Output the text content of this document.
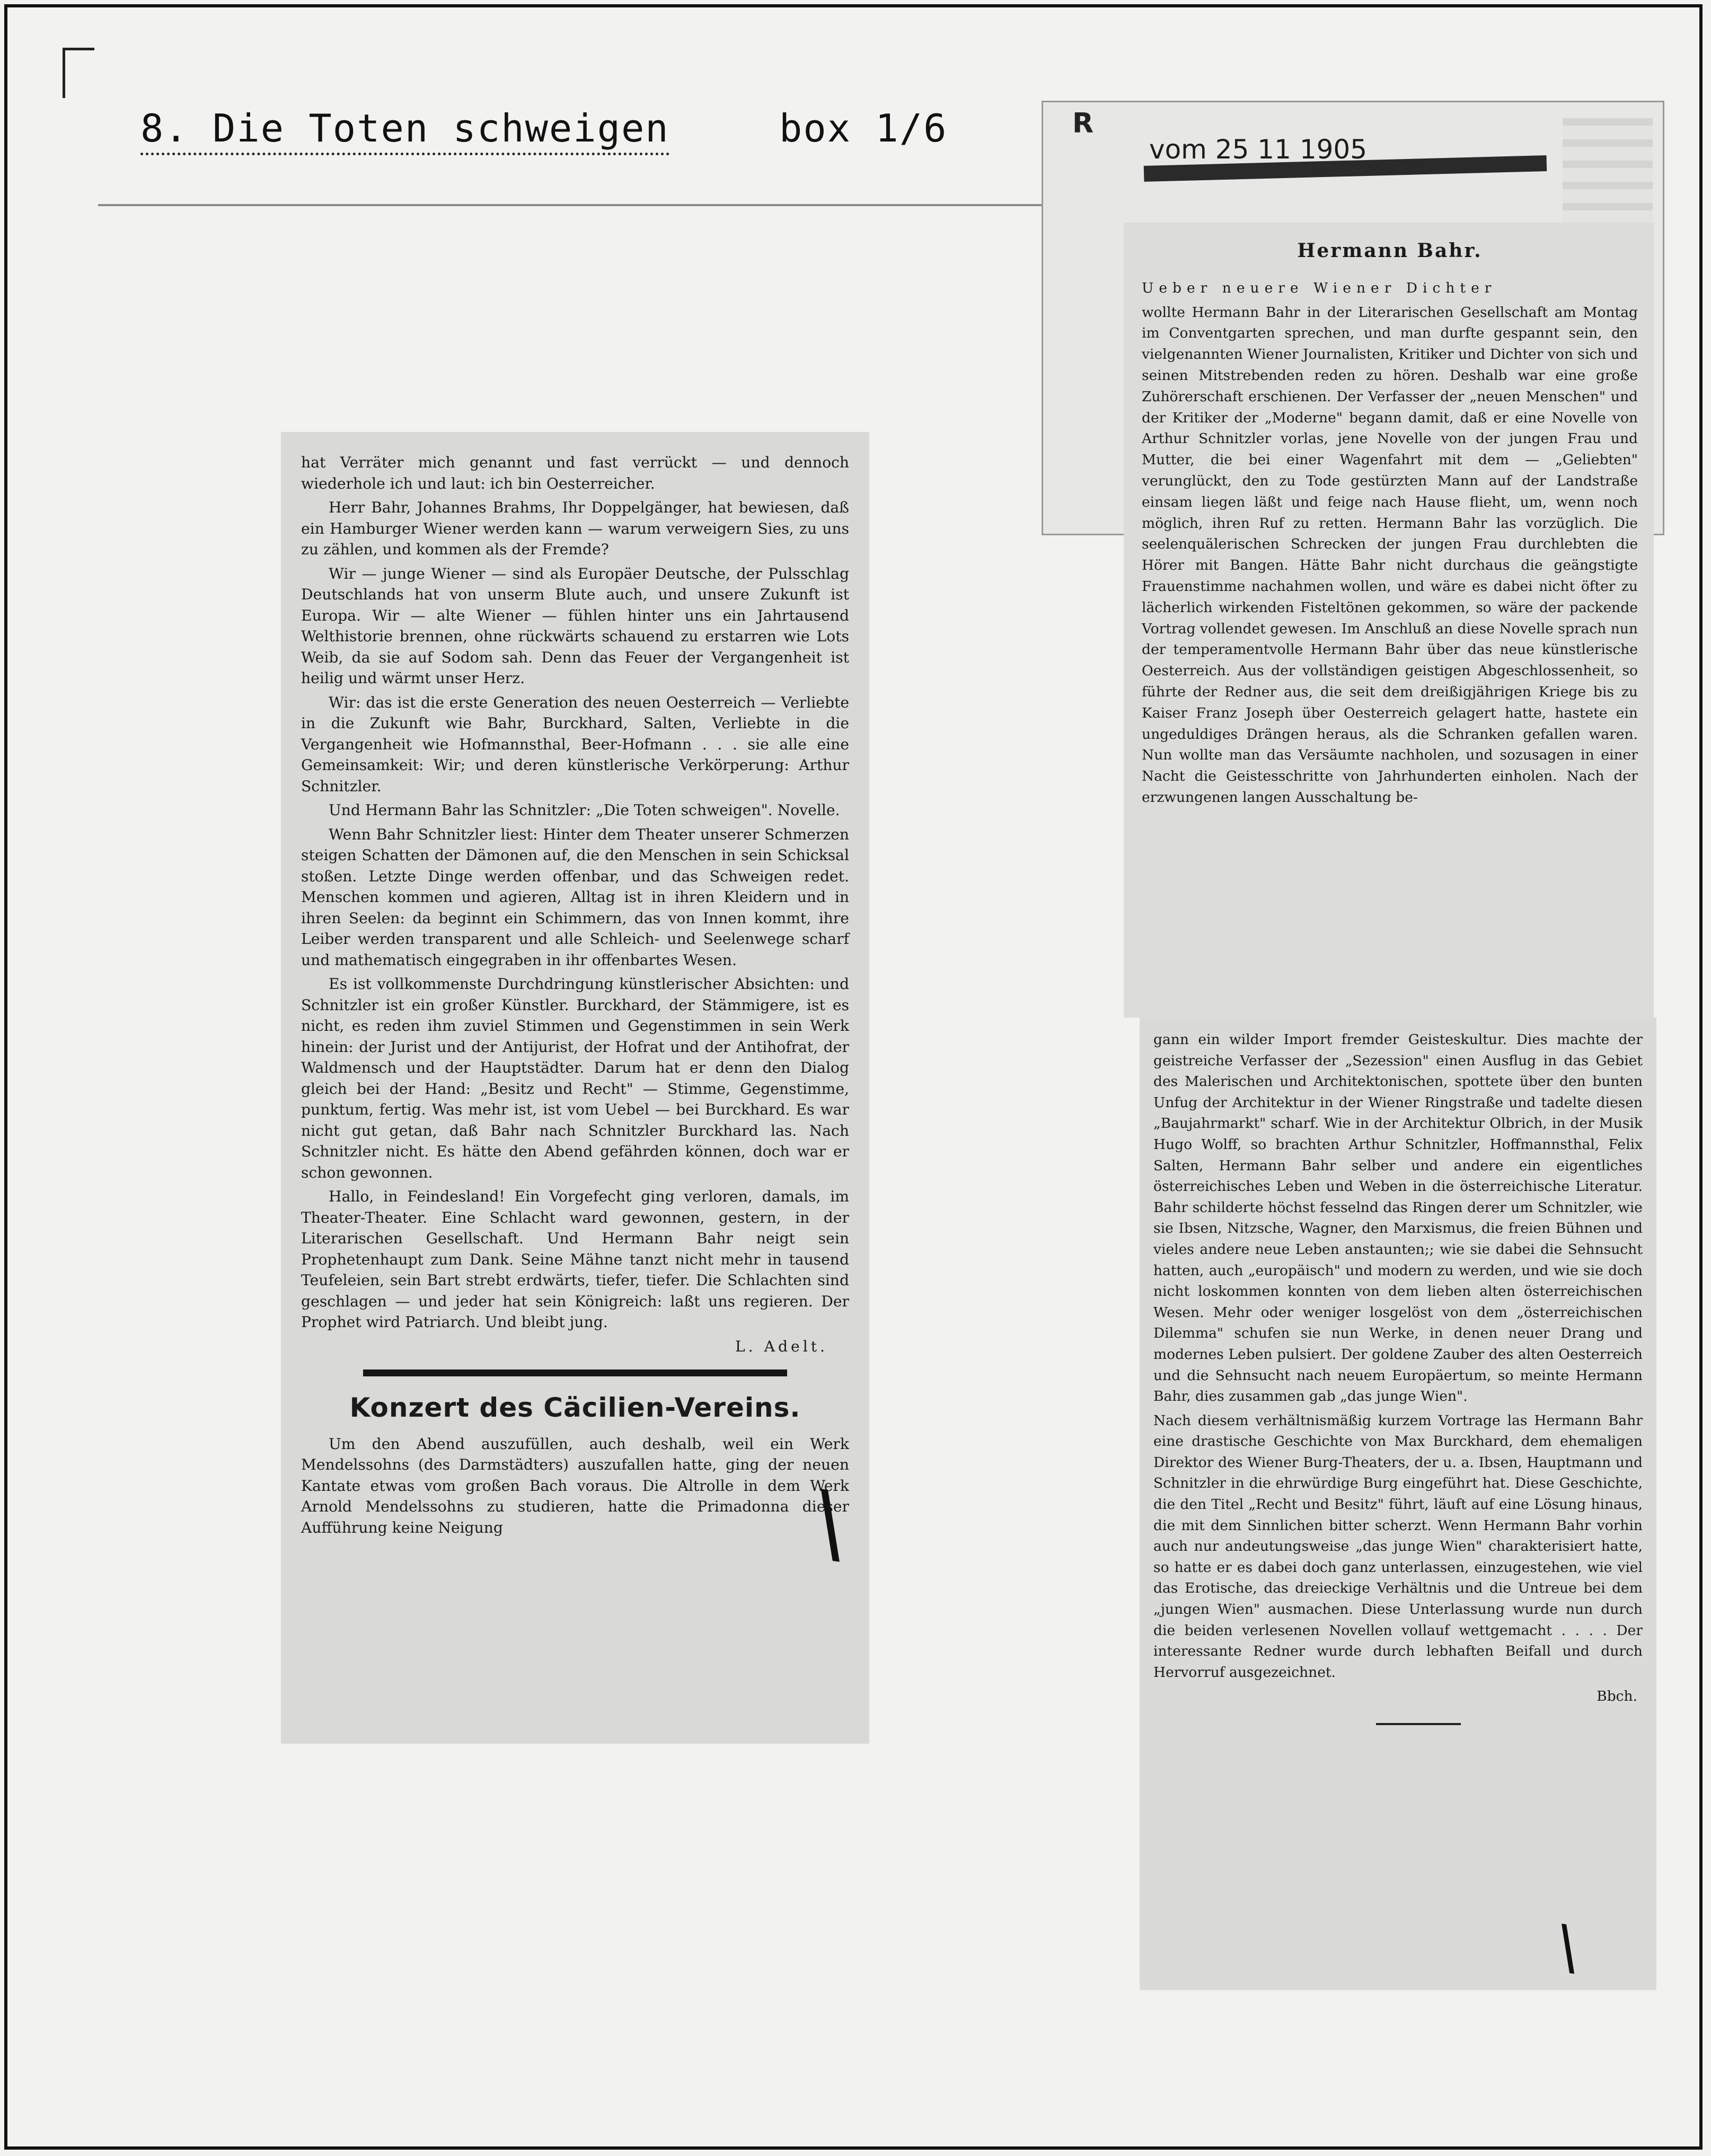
8. Die Toten schweigen	box 1/6	R
vom 25 11 1905

hat Verräter mich genannt und fast verrückt — und dennoch wiederhole ich und laut: ich bin Oesterreicher.

Herr Bahr, Johannes Brahms, Ihr Doppelgänger, hat bewiesen, daß ein Hamburger Wiener werden kann — warum verweigern Sies, zu uns zu zählen, und kommen als der Fremde?

Wir — junge Wiener — sind als Europäer Deutsche, der Pulsschlag Deutschlands hat von unserm Blute auch, und unsere Zukunft ist Europa. Wir — alte Wiener — fühlen hinter uns ein Jahrtausend Welthistorie brennen, ohne rückwärts schauend zu erstarren wie Lots Weib, da sie auf Sodom sah. Denn das Feuer der Vergangenheit ist heilig und wärmt unser Herz.

Wir: das ist die erste Generation des neuen Oesterreich — Verliebte in die Zukunft wie Bahr, Burckhard, Salten, Verliebte in die Vergangenheit wie Hofmannsthal, Beer-Hofmann . . . sie alle eine Gemeinsamkeit: Wir; und deren künstlerische Verkörperung: Arthur Schnitzler.

Und Hermann Bahr las Schnitzler: „Die Toten schweigen". Novelle.

Wenn Bahr Schnitzler liest: Hinter dem Theater unserer Schmerzen steigen Schatten der Dämonen auf, die den Menschen in sein Schicksal stoßen. Letzte Dinge werden offenbar, und das Schweigen redet. Menschen kommen und agieren, Alltag ist in ihren Kleidern und in ihren Seelen: da beginnt ein Schimmern, das von Innen kommt, ihre Leiber werden transparent und alle Schleich- und Seelenwege scharf und mathematisch eingegraben in ihr offenbartes Wesen.

Es ist vollkommenste Durchdringung künstlerischer Absichten: und Schnitzler ist ein großer Künstler. Burckhard, der Stämmigere, ist es nicht, es reden ihm zuviel Stimmen und Gegenstimmen in sein Werk hinein: der Jurist und der Antijurist, der Hofrat und der Antihofrat, der Waldmensch und der Hauptstädter. Darum hat er denn den Dialog gleich bei der Hand: „Besitz und Recht" — Stimme, Gegenstimme, punktum, fertig. Was mehr ist, ist vom Uebel — bei Burckhard. Es war nicht gut getan, daß Bahr nach Schnitzler Burckhard las. Nach Schnitzler nicht. Es hätte den Abend gefährden können, doch war er schon gewonnen.

Hallo, in Feindesland! Ein Vorgefecht ging verloren, damals, im Theater-Theater. Eine Schlacht ward gewonnen, gestern, in der Literarischen Gesellschaft. Und Hermann Bahr neigt sein Prophetenhaupt zum Dank. Seine Mähne tanzt nicht mehr in tausend Teufeleien, sein Bart strebt erdwärts, tiefer, tiefer. Die Schlachten sind geschlagen — und jeder hat sein Königreich: laßt uns regieren. Der Prophet wird Patriarch. Und bleibt jung.

L. Adelt.

Konzert des Cäcilien-Vereins.

Um den Abend auszufüllen, auch deshalb, weil ein Werk Mendelssohns (des Darmstädters) auszufallen hatte, ging der neuen Kantate etwas vom großen Bach voraus. Die Altrolle in dem Werk Arnold Mendelssohns zu studieren, hatte die Primadonna dieser Aufführung keine Neigung

Hermann Bahr.

Ueber neuere Wiener Dichter

wollte Hermann Bahr in der Literarischen Gesellschaft am Montag im Conventgarten sprechen, und man durfte gespannt sein, den vielgenannten Wiener Journalisten, Kritiker und Dichter von sich und seinen Mitstrebenden reden zu hören. Deshalb war eine große Zuhörerschaft erschienen. Der Verfasser der „neuen Menschen" und der Kritiker der „Moderne" begann damit, daß er eine Novelle von Arthur Schnitzler vorlas, jene Novelle von der jungen Frau und Mutter, die bei einer Wagenfahrt mit dem — „Geliebten" verunglückt, den zu Tode gestürzten Mann auf der Landstraße einsam liegen läßt und feige nach Hause flieht, um, wenn noch möglich, ihren Ruf zu retten. Hermann Bahr las vorzüglich. Die seelenquälerischen Schrecken der jungen Frau durchlebten die Hörer mit Bangen. Hätte Bahr nicht durchaus die geängstigte Frauenstimme nachahmen wollen, und wäre es dabei nicht öfter zu lächerlich wirkenden Fisteltönen gekommen, so wäre der packende Vortrag vollendet gewesen. Im Anschluß an diese Novelle sprach nun der temperamentvolle Hermann Bahr über das neue künstlerische Oesterreich. Aus der vollständigen geistigen Abgeschlossenheit, so führte der Redner aus, die seit dem dreißigjährigen Kriege bis zu Kaiser Franz Joseph über Oesterreich gelagert hatte, hastete ein ungeduldiges Drängen heraus, als die Schranken gefallen waren. Nun wollte man das Versäumte nachholen, und sozusagen in einer Nacht die Geistesschritte von Jahrhunderten einholen. Nach der erzwungenen langen Ausschaltung be-

gann ein wilder Import fremder Geisteskultur. Dies machte der geistreiche Verfasser der „Sezession" einen Ausflug in das Gebiet des Malerischen und Architektonischen, spottete über den bunten Unfug der Architektur in der Wiener Ringstraße und tadelte diesen „Baujahrmarkt" scharf. Wie in der Architektur Olbrich, in der Musik Hugo Wolff, so brachten Arthur Schnitzler, Hoffmannsthal, Felix Salten, Hermann Bahr selber und andere ein eigentliches österreichisches Leben und Weben in die österreichische Literatur. Bahr schilderte höchst fesselnd das Ringen derer um Schnitzler, wie sie Ibsen, Nitzsche, Wagner, den Marxismus, die freien Bühnen und vieles andere neue Leben anstaunten;; wie sie dabei die Sehnsucht hatten, auch „europäisch" und modern zu werden, und wie sie doch nicht loskommen konnten von dem lieben alten österreichischen Wesen. Mehr oder weniger losgelöst von dem „österreichischen Dilemma" schufen sie nun Werke, in denen neuer Drang und modernes Leben pulsiert. Der goldene Zauber des alten Oesterreich und die Sehnsucht nach neuem Europäertum, so meinte Hermann Bahr, dies zusammen gab „das junge Wien".

Nach diesem verhältnismäßig kurzem Vortrage las Hermann Bahr eine drastische Geschichte von Max Burckhard, dem ehemaligen Direktor des Wiener Burg-Theaters, der u. a. Ibsen, Hauptmann und Schnitzler in die ehrwürdige Burg eingeführt hat. Diese Geschichte, die den Titel „Recht und Besitz" führt, läuft auf eine Lösung hinaus, die mit dem Sinnlichen bitter scherzt. Wenn Hermann Bahr vorhin auch nur andeutungsweise „das junge Wien" charakterisiert hatte, so hatte er es dabei doch ganz unterlassen, einzugestehen, wie viel das Erotische, das dreieckige Verhältnis und die Untreue bei dem „jungen Wien" ausmachen. Diese Unterlassung wurde nun durch die beiden verlesenen Novellen vollauf wettgemacht . . . . Der interessante Redner wurde durch lebhaften Beifall und durch Hervorruf ausgezeichnet.

Bbch.

\
\
